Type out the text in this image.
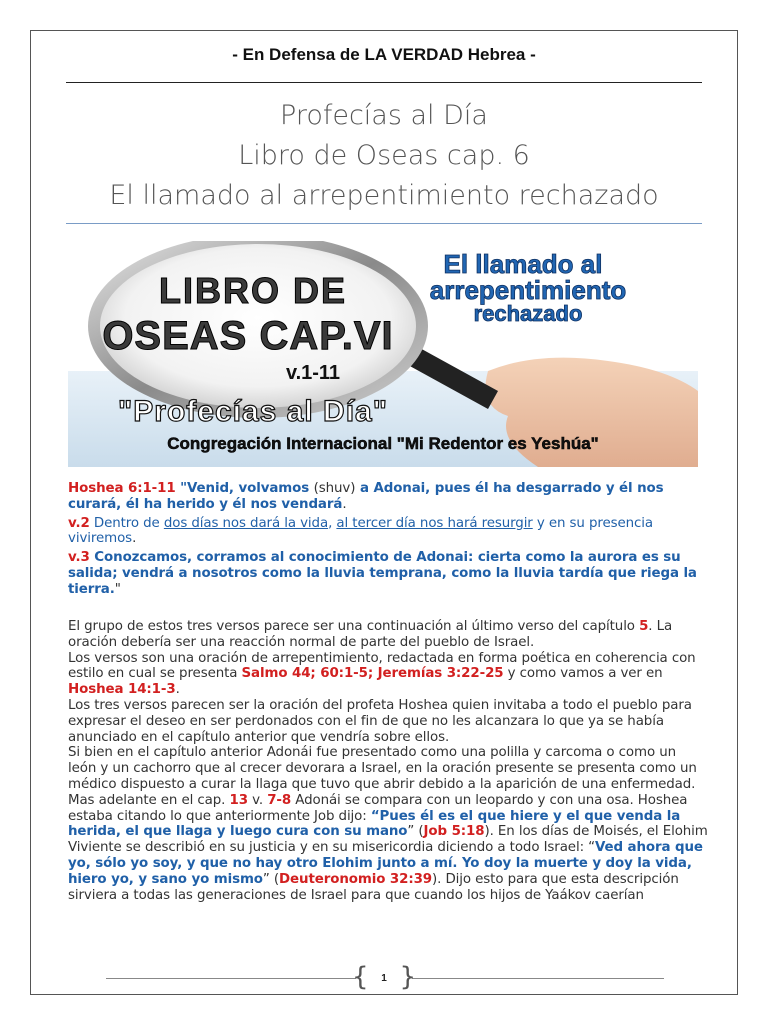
- En Defensa de LA VERDAD Hebrea -
Profecías al Día
Libro de Oseas cap. 6
El llamado al arrepentimiento rechazado
LIBRO DE
OSEAS CAP.VI
v.1-11
El llamado al
arrepentimiento
rechazado
"Profecías al Día"
Congregación Internacional "Mi Redentor es Yeshúa"

Hoshea 6:1-11 "Venid, volvamos (shuv) a Adonai, pues él ha desgarrado y él nos curará, él ha herido y él nos vendará.

v.2 Dentro de dos días nos dará la vida, al tercer día nos hará resurgir y en su presencia viviremos.

v.3 Conozcamos, corramos al conocimiento de Adonai: cierta como la aurora es su salida; vendrá a nosotros como la lluvia temprana, como la lluvia tardía que riega la tierra."

El grupo de estos tres versos parece ser una continuación al último verso del capítulo 5. La oración debería ser una reacción normal de parte del pueblo de Israel.

Los versos son una oración de arrepentimiento, redactada en forma poética en coherencia con estilo en cual se presenta Salmo 44; 60:1-5; Jeremías 3:22-25 y como vamos a ver en Hoshea 14:1-3.

Los tres versos parecen ser la oración del profeta Hoshea quien invitaba a todo el pueblo para expresar el deseo en ser perdonados con el fin de que no les alcanzara lo que ya se había anunciado en el capítulo anterior que vendría sobre ellos.

Si bien en el capítulo anterior Adonái fue presentado como una polilla y carcoma o como un león y un cachorro que al crecer devorara a Israel, en la oración presente se presenta como un médico dispuesto a curar la llaga que tuvo que abrir debido a la aparición de una enfermedad. Mas adelante en el cap. 13 v. 7-8 Adonái se compara con un leopardo y con una osa. Hoshea estaba citando lo que anteriormente Job dijo: “Pues él es el que hiere y el que venda la herida, el que llaga y luego cura con su mano” (Job 5:18). En los días de Moisés, el Elohim Viviente se describió en su justicia y en su misericordia diciendo a todo Israel: “Ved ahora que yo, sólo yo soy, y que no hay otro Elohim junto a mí. Yo doy la muerte y doy la vida, hiero yo, y sano yo mismo” (Deuteronomio 32:39). Dijo esto para que esta descripción sirviera a todas las generaciones de Israel para que cuando los hijos de Yaákov caerían

{	1 }
